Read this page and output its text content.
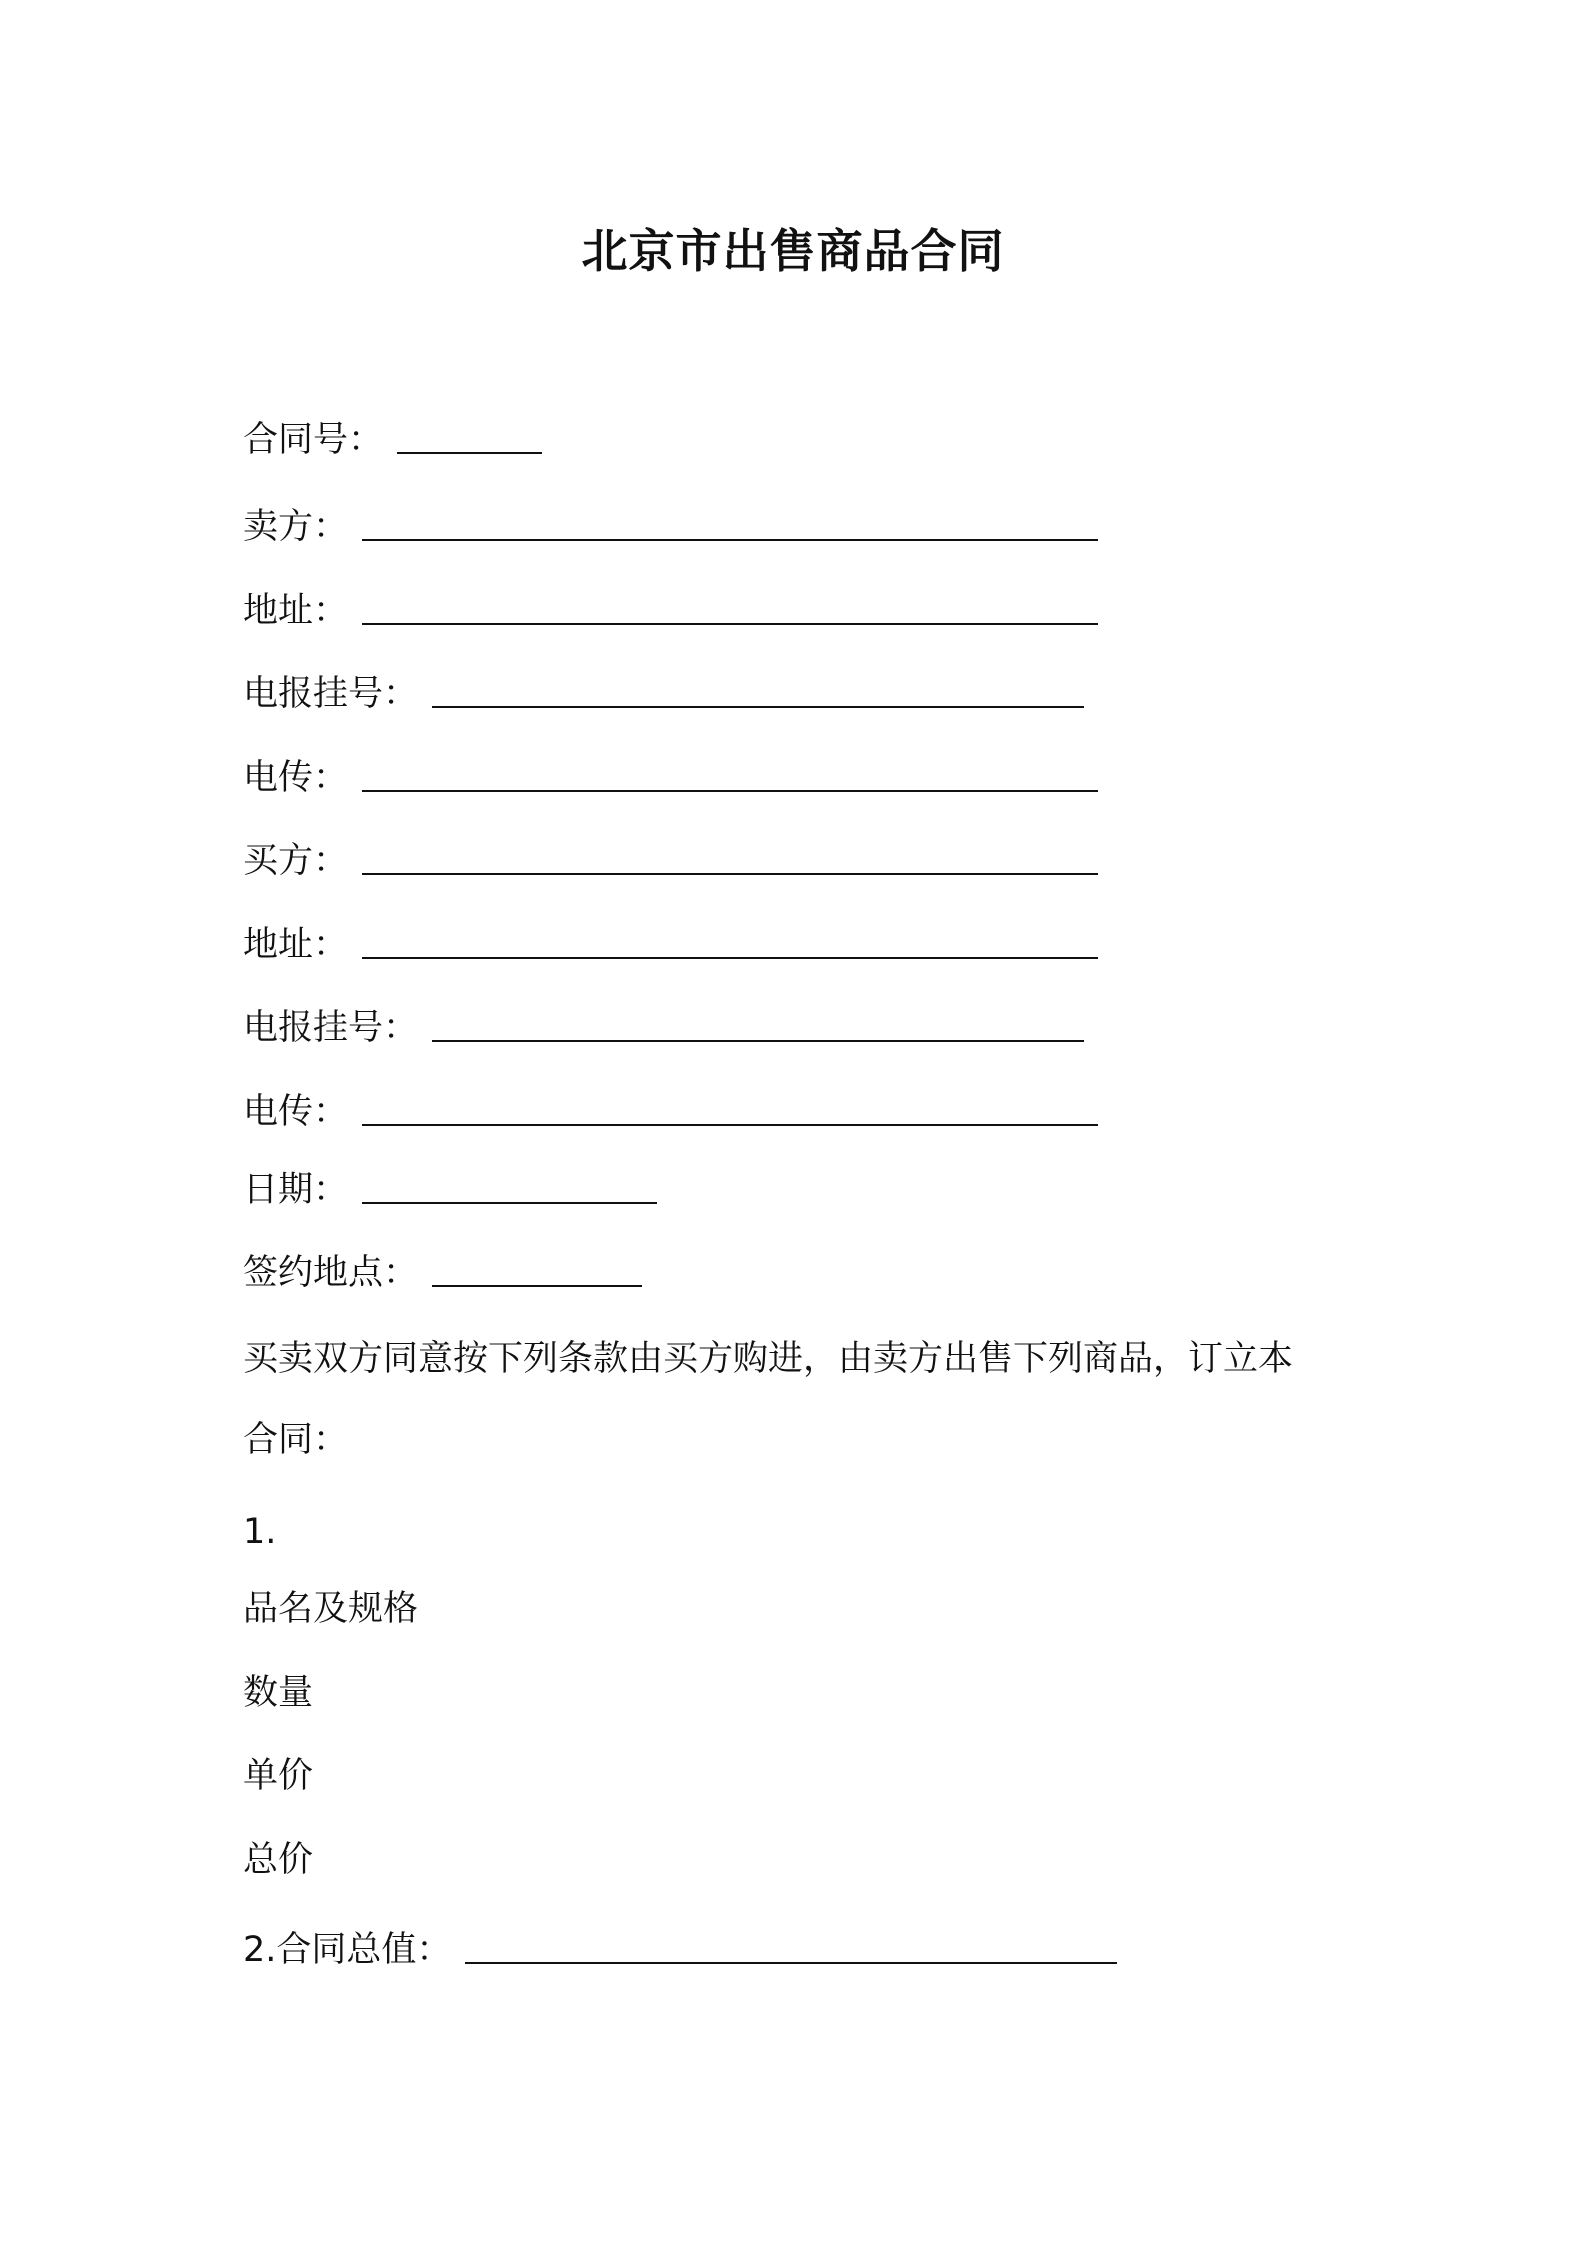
北京市出售商品合同
合同号：
卖方：
地址：
电报挂号：
电传：
买方：
地址：
电报挂号：
电传：
日期：
签约地点：
买卖双方同意按下列条款由买方购进，由卖方出售下列商品，订立本
合同：
1.
品名及规格
数量
单价
总价
2.合同总值：
